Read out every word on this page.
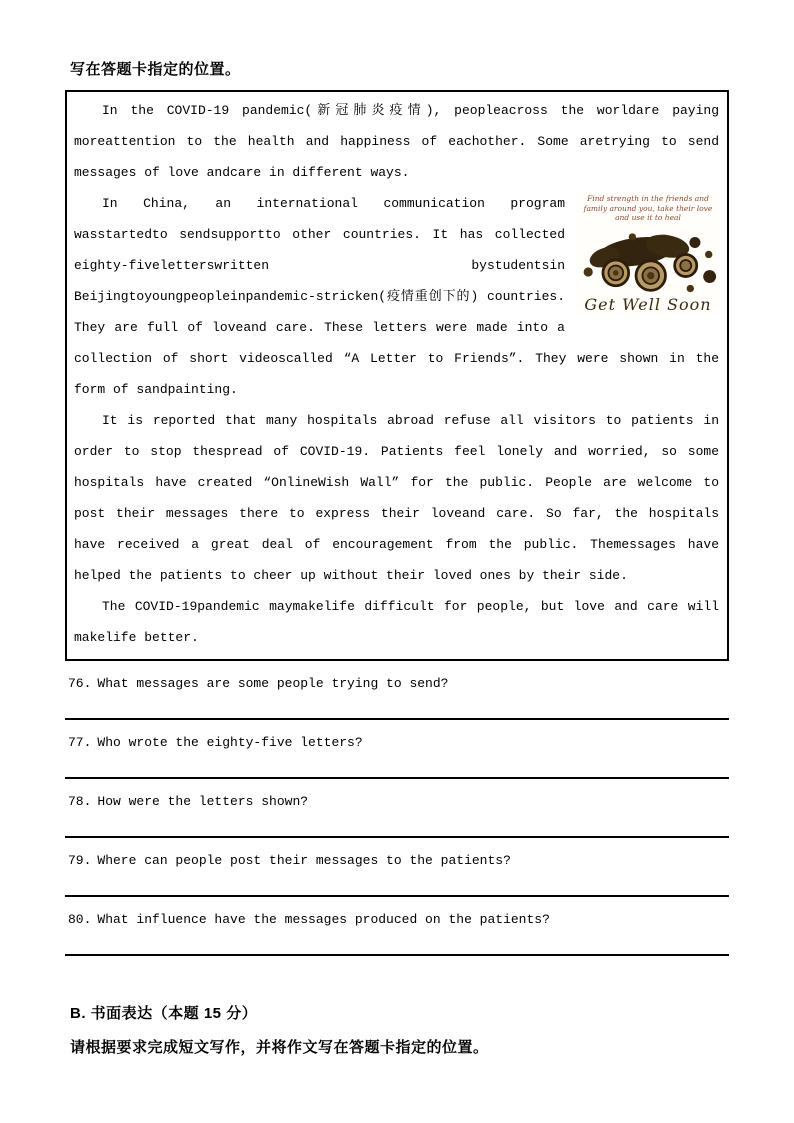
写在答题卡指定的位置。

In the COVID-19 pandemic(新冠肺炎疫情), peopleacross the worldare paying moreattention to the health and happiness of eachother. Some aretrying to send messages of love andcare in different ways.

Find strength in the friends and family around you, take their love and use it to heal
Get Well Soon

In China, an international communication program wasstartedto sendsupportto other countries. It has collected eighty-fiveletterswritten bystudentsin Beijingtoyoungpeopleinpandemic-stricken(疫情重创下的) countries. They are full of loveand care. These letters were made into a collection of short videoscalled “A Letter to Friends”. They were shown in the form of sandpainting.

It is reported that many hospitals abroad refuse all visitors to patients in order to stop thespread of COVID-19. Patients feel lonely and worried, so some hospitals have created “OnlineWish Wall” for the public. People are welcome to post their messages there to express their loveand care. So far, the hospitals have received a great deal of encouragement from the public. Themessages have helped the patients to cheer up without their loved ones by their side.

The COVID-19pandemic maymakelife difficult for people, but love and care will makelife better.

76. What messages are some people trying to send?
77. Who wrote the eighty-five letters?
78. How were the letters shown?
79. Where can people post their messages to the patients?
80. What influence have the messages produced on the patients?
B. 书面表达（本题 15 分）
请根据要求完成短文写作，并将作文写在答题卡指定的位置。
